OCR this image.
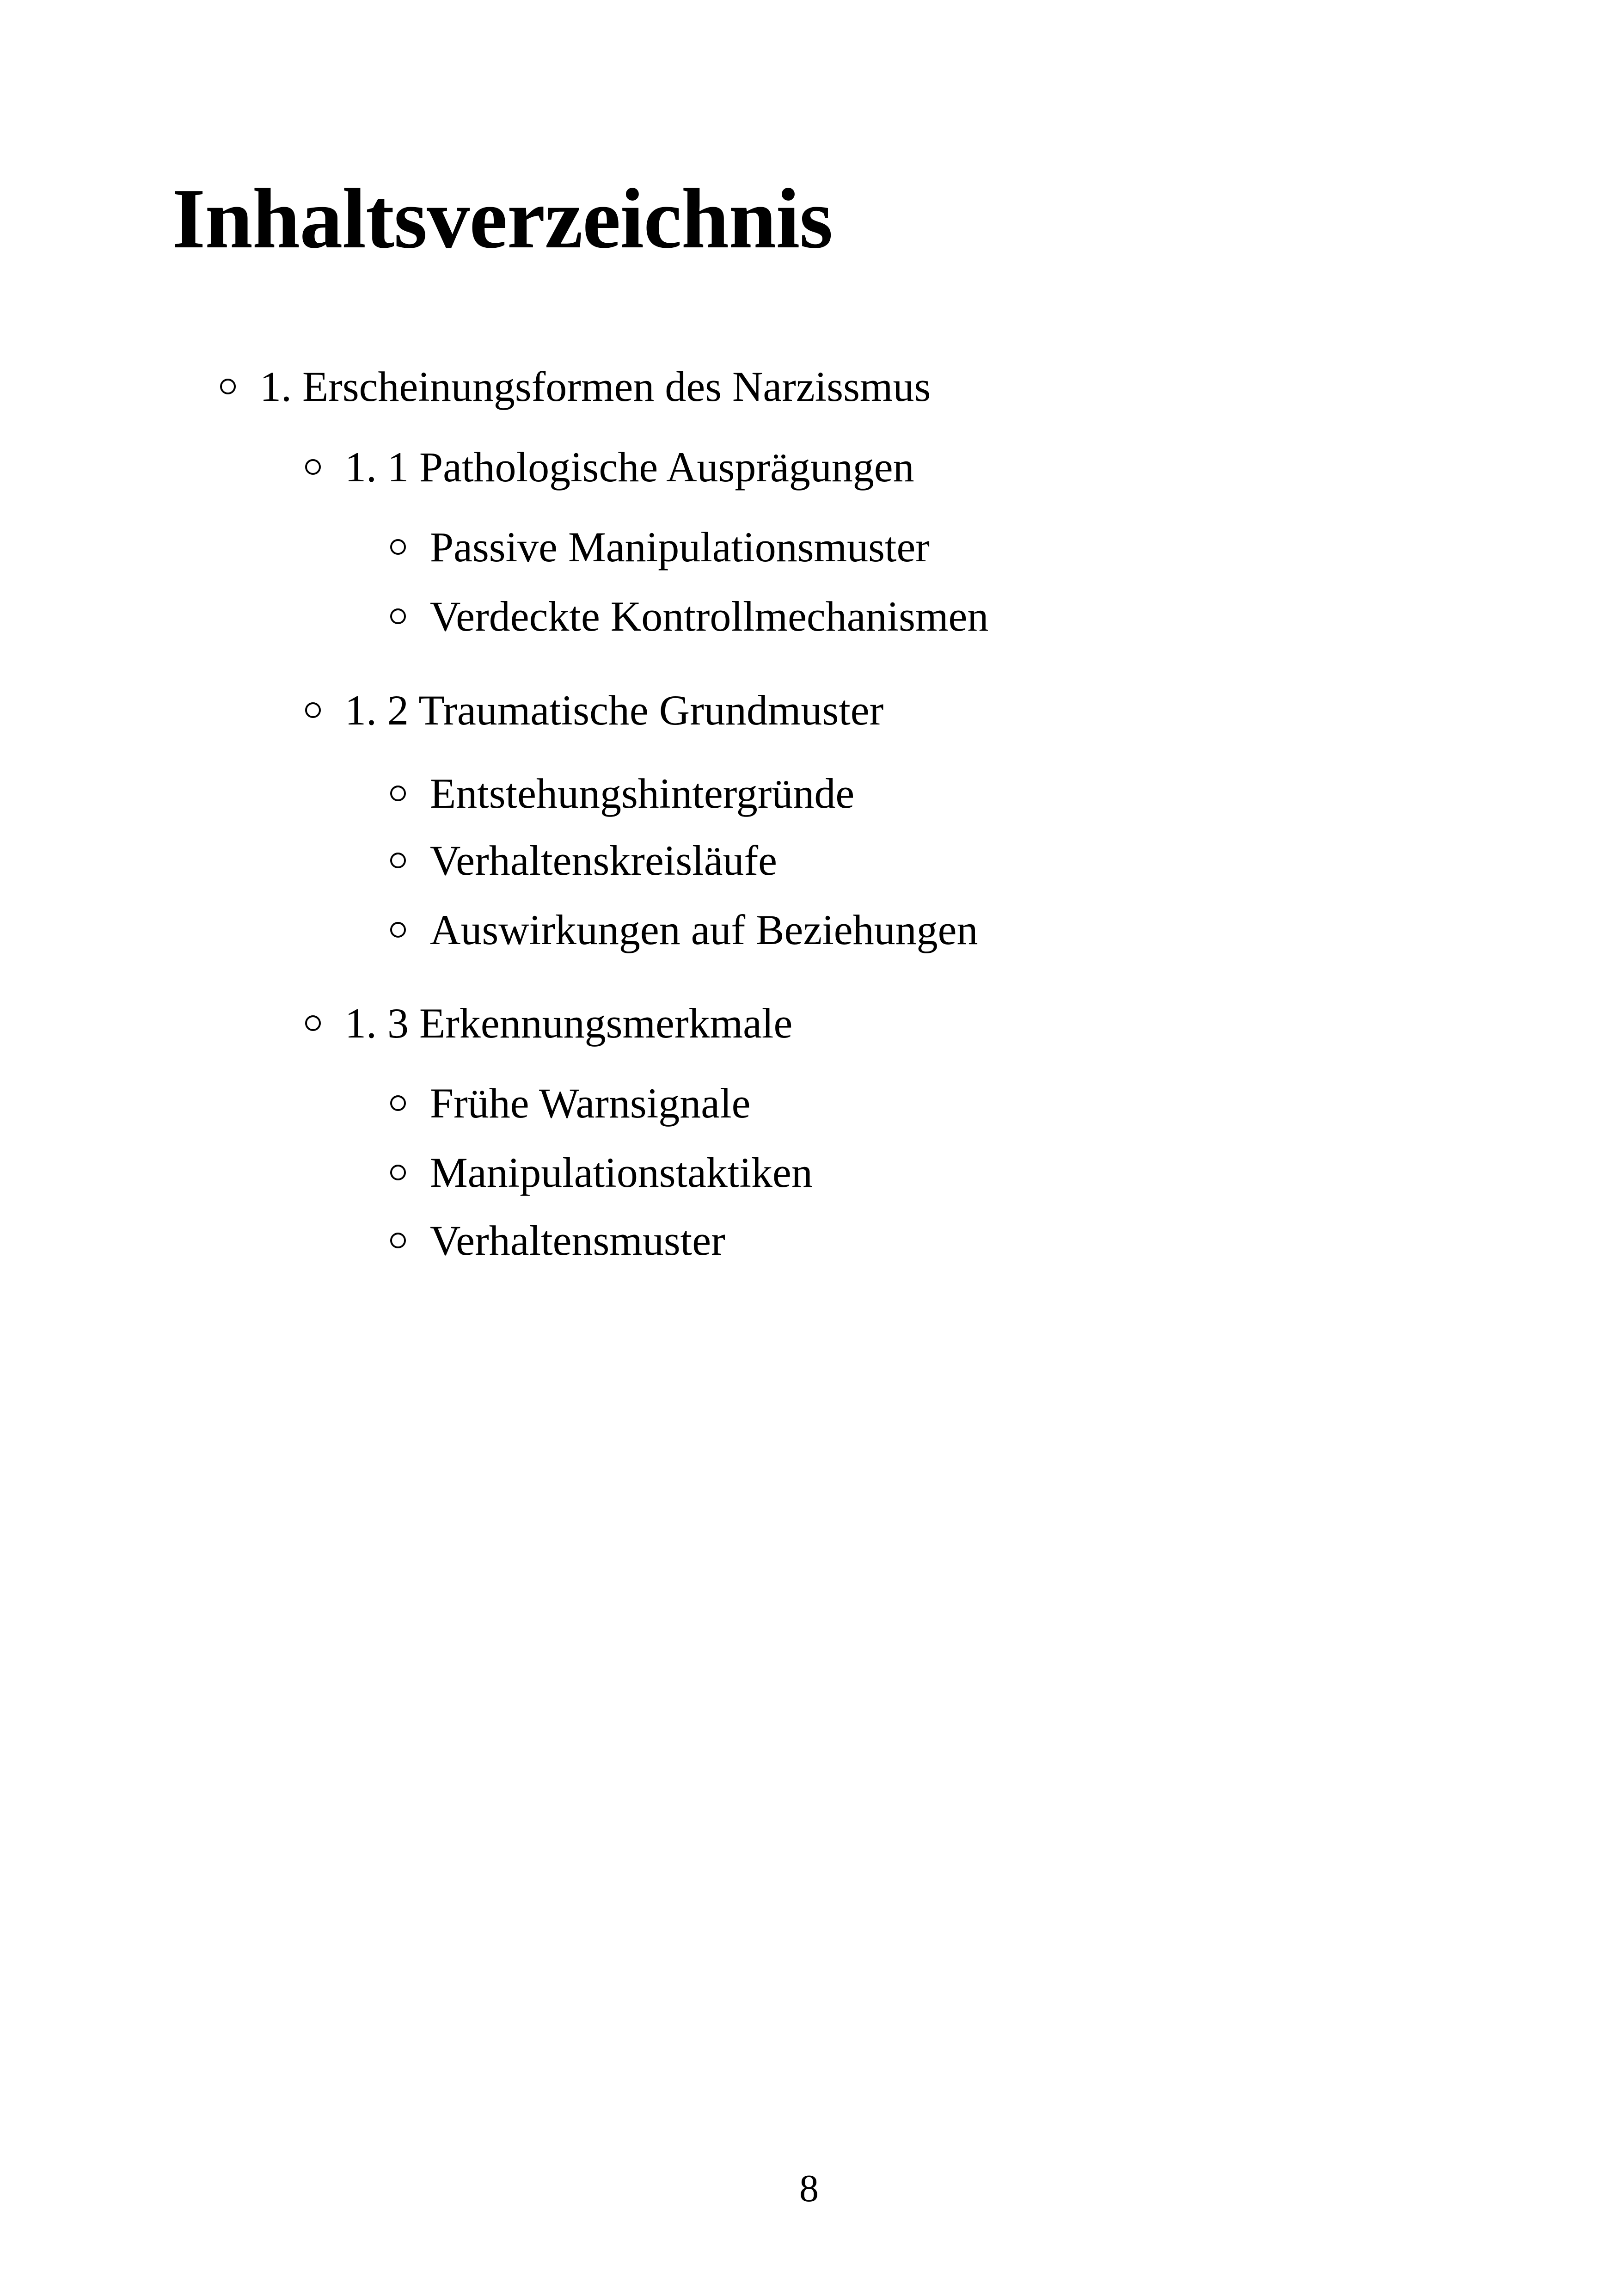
Inhaltsverzeichnis
1. Erscheinungsformen des Narzissmus
1. 1 Pathologische Ausprägungen
Passive Manipulationsmuster
Verdeckte Kontrollmechanismen
1. 2 Traumatische Grundmuster
Entstehungshintergründe
Verhaltenskreisläufe
Auswirkungen auf Beziehungen
1. 3 Erkennungsmerkmale
Frühe Warnsignale
Manipulationstaktiken
Verhaltensmuster
8
